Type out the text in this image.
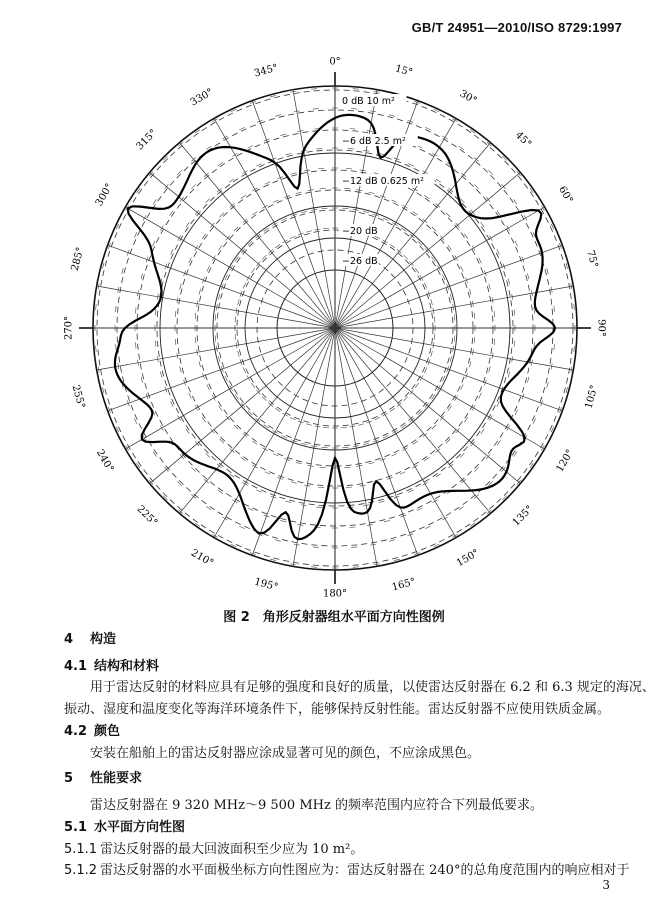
GB/T 24951—2010/ISO 8729:1997
0°
15°
30°
45°
60°
75°
90°
105°
120°
135°
150°
165°
180°
195°
210°
225°
240°
255°
270°
285°
300°
315°
330°
345°
0 dB 10 m²
−6 dB 2.5 m²
−12 dB 0.625 m²
−20 dB
−26 dB
图 2　角形反射器组水平面方向性图例
4 构造
4.1 结构和材料
用于雷达反射的材料应具有足够的强度和良好的质量，以使雷达反射器在 6.2 和 6.3 规定的海况、
振动、湿度和温度变化等海洋环境条件下，能够保持反射性能。雷达反射器不应使用铁质金属。
4.2 颜色
安装在船舶上的雷达反射器应涂成显著可见的颜色，不应涂成黑色。
5 性能要求
雷达反射器在 9 320 MHz～9 500 MHz 的频率范围内应符合下列最低要求。
5.1 水平面方向性图
5.1.1 雷达反射器的最大回波面积至少应为 10 m²。
5.1.2 雷达反射器的水平面极坐标方向性图应为：雷达反射器在 240°的总角度范围内的响应相对于
3
